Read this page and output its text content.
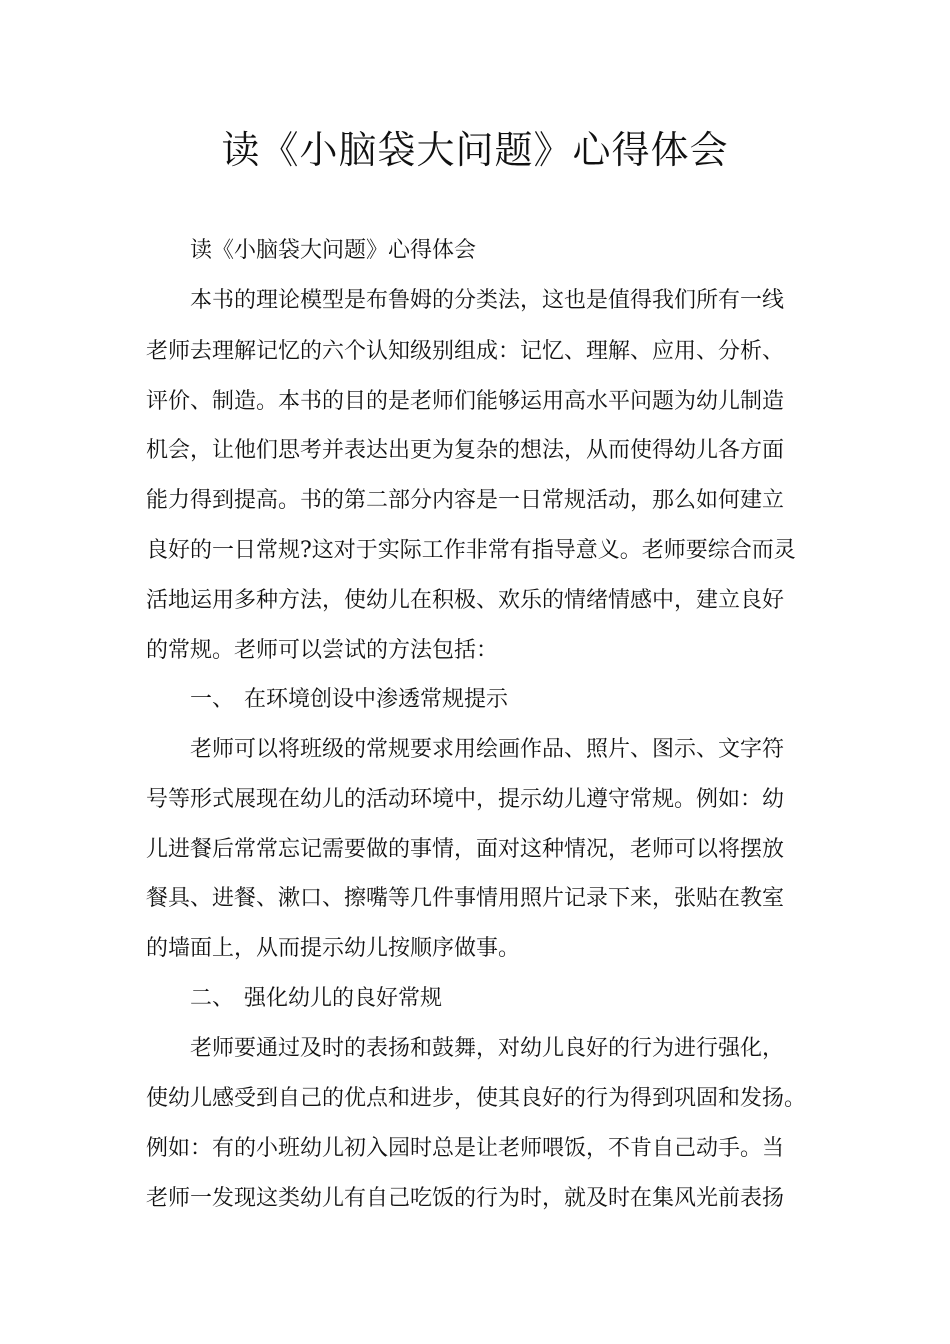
读《小脑袋大问题》心得体会

读《小脑袋大问题》心得体会

本书的理论模型是布鲁姆的分类法，这也是值得我们所有一线

老师去理解记忆的六个认知级别组成：记忆、理解、应用、分析、

评价、制造。本书的目的是老师们能够运用高水平问题为幼儿制造

机会，让他们思考并表达出更为复杂的想法，从而使得幼儿各方面

能力得到提高。书的第二部分内容是一日常规活动，那么如何建立

良好的一日常规?这对于实际工作非常有指导意义。老师要综合而灵

活地运用多种方法，使幼儿在积极、欢乐的情绪情感中，建立良好

的常规。老师可以尝试的方法包括：

一、 在环境创设中渗透常规提示

老师可以将班级的常规要求用绘画作品、照片、图示、文字符

号等形式展现在幼儿的活动环境中，提示幼儿遵守常规。例如：幼

儿进餐后常常忘记需要做的事情，面对这种情况，老师可以将摆放

餐具、进餐、漱口、擦嘴等几件事情用照片记录下来，张贴在教室

的墙面上，从而提示幼儿按顺序做事。

二、 强化幼儿的良好常规

老师要通过及时的表扬和鼓舞，对幼儿良好的行为进行强化，

使幼儿感受到自己的优点和进步，使其良好的行为得到巩固和发扬。

例如：有的小班幼儿初入园时总是让老师喂饭，不肯自己动手。当

老师一发现这类幼儿有自己吃饭的行为时，就及时在集风光前表扬
